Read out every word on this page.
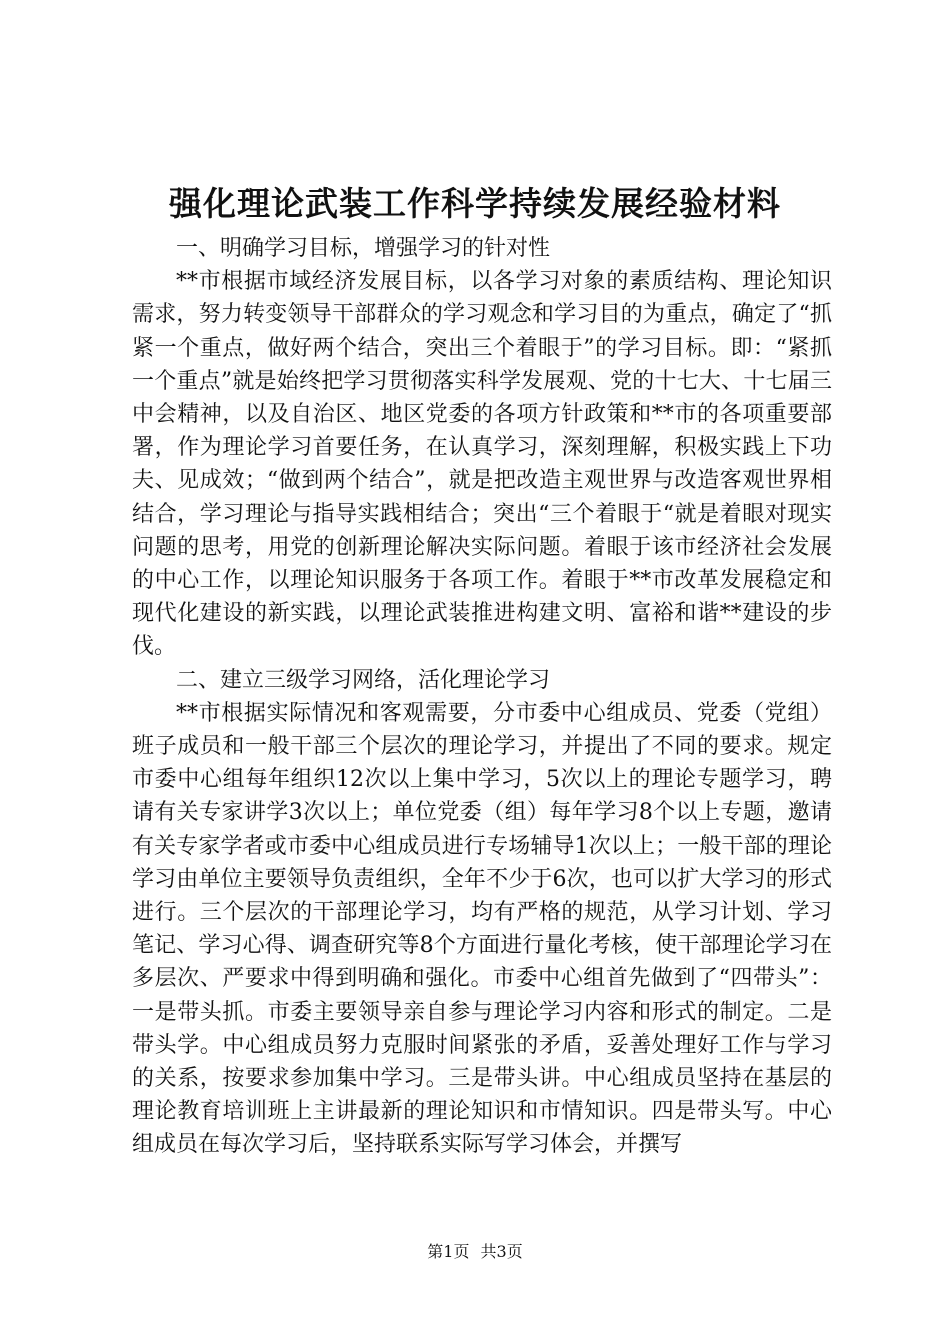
强化理论武装工作科学持续发展经验材料

一、明确学习目标，增强学习的针对性

**市根据市域经济发展目标，以各学习对象的素质结构、理论知识需求，努力转变领导干部群众的学习观念和学习目的为重点，确定了“抓紧一个重点，做好两个结合，突出三个着眼于”的学习目标。即：“紧抓一个重点”就是始终把学习贯彻落实科学发展观、党的十七大、十七届三中会精神，以及自治区、地区党委的各项方针政策和**市的各项重要部署，作为理论学习首要任务，在认真学习，深刻理解，积极实践上下功夫、见成效；“做到两个结合”，就是把改造主观世界与改造客观世界相结合，学习理论与指导实践相结合；突出“三个着眼于“就是着眼对现实问题的思考，用党的创新理论解决实际问题。着眼于该市经济社会发展的中心工作，以理论知识服务于各项工作。着眼于**市改革发展稳定和现代化建设的新实践，以理论武装推进构建文明、富裕和谐**建设的步伐。

二、建立三级学习网络，活化理论学习

**市根据实际情况和客观需要，分市委中心组成员、党委（党组）班子成员和一般干部三个层次的理论学习，并提出了不同的要求。规定市委中心组每年组织12次以上集中学习，5次以上的理论专题学习，聘请有关专家讲学3次以上；单位党委（组）每年学习8个以上专题，邀请有关专家学者或市委中心组成员进行专场辅导1次以上；一般干部的理论学习由单位主要领导负责组织，全年不少于6次，也可以扩大学习的形式进行。三个层次的干部理论学习，均有严格的规范，从学习计划、学习笔记、学习心得、调查研究等8个方面进行量化考核，使干部理论学习在多层次、严要求中得到明确和强化。市委中心组首先做到了“四带头”：一是带头抓。市委主要领导亲自参与理论学习内容和形式的制定。二是带头学。中心组成员努力克服时间紧张的矛盾，妥善处理好工作与学习的关系，按要求参加集中学习。三是带头讲。中心组成员坚持在基层的理论教育培训班上主讲最新的理论知识和市情知识。四是带头写。中心组成员在每次学习后，坚持联系实际写学习体会，并撰写

第1页 共3页
